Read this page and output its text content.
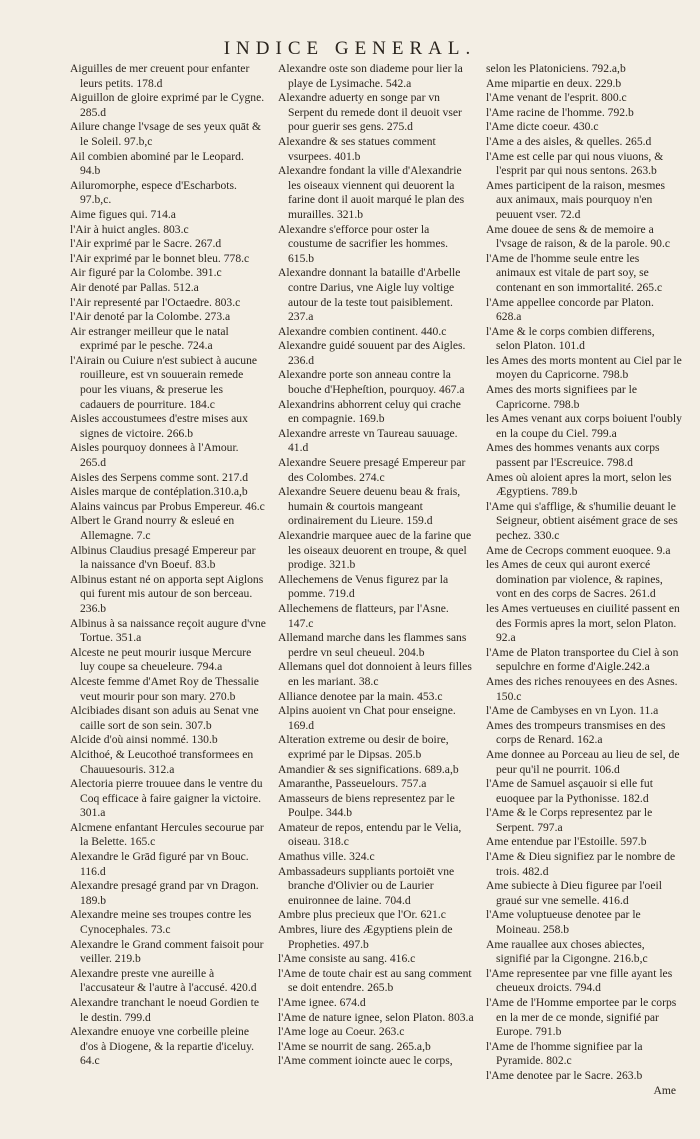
INDICE GENERAL.
Aiguilles de mer creuent pour enfanter leurs petits. 178.d
Aiguillon de gloire exprimé par le Cygne. 285.d
Ailure change l'vsage de ses yeux quāt & le Soleil. 97.b,c
Ail combien abominé par le Leopard. 94.b
Ailuromorphe, espece d'Escharbots. 97.b,c.
Aime figues qui. 714.a
l'Air à huict angles. 803.c
l'Air exprimé par le Sacre. 267.d
l'Air exprimé par le bonnet bleu. 778.c
Air figuré par la Colombe. 391.c
Air denoté par Pallas. 512.a
l'Air representé par l'Octaedre. 803.c
l'Air denoté par la Colombe. 273.a
Air estranger meilleur que le natal exprimé par le pesche. 724.a
l'Airain ou Cuiure n'est subiect à aucune rouilleure, est vn souuerain remede pour les viuans, & preserue les cadauers de pourriture. 184.c
Aisles accoustumees d'estre mises aux signes de victoire. 266.b
Aisles pourquoy donnees à l'Amour. 265.d
Aisles des Serpens comme sont. 217.d
Aisles marque de contéplation.310.a,b
Alains vaincus par Probus Empereur. 46.c
Albert le Grand nourry & esleué en Allemagne. 7.c
Albinus Claudius presagé Empereur par la naissance d'vn Boeuf. 83.b
Albinus estant né on apporta sept Aiglons qui furent mis autour de son berceau. 236.b
Albinus à sa naissance reçoit augure d'vne Tortue. 351.a
Alceste ne peut mourir iusque Mercure luy coupe sa cheueleure. 794.a
Alceste femme d'Amet Roy de Thessalie veut mourir pour son mary. 270.b
Alcibiades disant son aduis au Senat vne caille sort de son sein. 307.b
Alcide d'où ainsi nommé. 130.b
Alcithoé, & Leucothoé transformees en Chauuesouris. 312.a
Alectoria pierre trouuee dans le ventre du Coq efficace à faire gaigner la victoire. 301.a
Alcmene enfantant Hercules secourue par la Belette. 165.c
Alexandre le Grād figuré par vn Bouc. 116.d
Alexandre presagé grand par vn Dragon. 189.b
Alexandre meine ses troupes contre les Cynocephales. 73.c
Alexandre le Grand comment faisoit pour veiller. 219.b
Alexandre preste vne aureille à l'accusateur & l'autre à l'accusé. 420.d
Alexandre tranchant le noeud Gordien te le destin. 799.d
Alexandre enuoye vne corbeille pleine d'os à Diogene, & la repartie d'iceluy. 64.c
Alexandre oste son diademe pour lier la playe de Lysimache. 542.a
Alexandre aduerty en songe par vn Serpent du remede dont il deuoit vser pour guerir ses gens. 275.d
Alexandre & ses statues comment vsurpees. 401.b
Alexandre fondant la ville d'Alexandrie les oiseaux viennent qui deuorent la farine dont il auoit marqué le plan des murailles. 321.b
Alexandre s'efforce pour oster la coustume de sacrifier les hommes. 615.b
Alexandre donnant la bataille d'Arbelle contre Darius, vne Aigle luy voltige autour de la teste tout paisiblement. 237.a
Alexandre combien continent. 440.c
Alexandre guidé souuent par des Aigles. 236.d
Alexandre porte son anneau contre la bouche d'Hepheſtion, pourquoy. 467.a
Alexandrins abhorrent celuy qui crache en compagnie. 169.b
Alexandre arreste vn Taureau sauuage. 41.d
Alexandre Seuere presagé Empereur par des Colombes. 274.c
Alexandre Seuere deuenu beau & frais, humain & courtois mangeant ordinairement du Lieure. 159.d
Alexandrie marquee auec de la farine que les oiseaux deuorent en troupe, & quel prodige. 321.b
Allechemens de Venus figurez par la pomme. 719.d
Allechemens de flatteurs, par l'Asne. 147.c
Allemand marche dans les flammes sans perdre vn seul cheueul. 204.b
Allemans quel dot donnoient à leurs filles en les mariant. 38.c
Alliance denotee par la main. 453.c
Alpins auoient vn Chat pour enseigne. 169.d
Alteration extreme ou desir de boire, exprimé par le Dipsas. 205.b
Amandier & ses significations. 689.a,b
Amaranthe, Passeuelours. 757.a
Amasseurs de biens representez par le Poulpe. 344.b
Amateur de repos, entendu par le Velia, oiseau. 318.c
Amathus ville. 324.c
Ambassadeurs suppliants portoiēt vne branche d'Olivier ou de Laurier enuironnee de laine. 704.d
Ambre plus precieux que l'Or. 621.c
Ambres, liure des Ægyptiens plein de Propheties. 497.b
l'Ame consiste au sang. 416.c
l'Ame de toute chair est au sang comment se doit entendre. 265.b
l'Ame ignee. 674.d
l'Ame de nature ignee, selon Platon. 803.a
l'Ame loge au Coeur. 263.c
l'Ame se nourrit de sang. 265.a,b
l'Ame comment ioincte auec le corps,
selon les Platoniciens. 792.a,b
Ame mipartie en deux. 229.b
l'Ame venant de l'esprit. 800.c
l'Ame racine de l'homme. 792.b
l'Ame dicte coeur. 430.c
l'Ame a des aisles, & quelles. 265.d
l'Ame est celle par qui nous viuons, & l'esprit par qui nous sentons. 263.b
Ames participent de la raison, mesmes aux animaux, mais pourquoy n'en peuuent vser. 72.d
Ame douee de sens & de memoire a l'vsage de raison, & de la parole. 90.c
l'Ame de l'homme seule entre les animaux est vitale de part soy, se contenant en son immortalité. 265.c
l'Ame appellee concorde par Platon. 628.a
l'Ame & le corps combien differens, selon Platon. 101.d
les Ames des morts montent au Ciel par le moyen du Capricorne. 798.b
Ames des morts signifiees par le Capricorne. 798.b
les Ames venant aux corps boiuent l'oubly en la coupe du Ciel. 799.a
Ames des hommes venants aux corps passent par l'Escreuice. 798.d
Ames où aloient apres la mort, selon les Ægyptiens. 789.b
l'Ame qui s'afflige, & s'humilie deuant le Seigneur, obtient aisément grace de ses pechez. 330.c
Ame de Cecrops comment euoquee. 9.a
les Ames de ceux qui auront exercé domination par violence, & rapines, vont en des corps de Sacres. 261.d
les Ames vertueuses en ciuilité passent en des Formis apres la mort, selon Platon. 92.a
l'Ame de Platon transportee du Ciel à son sepulchre en forme d'Aigle.242.a
Ames des riches renouyees en des Asnes. 150.c
l'Ame de Cambyses en vn Lyon. 11.a
Ames des trompeurs transmises en des corps de Renard. 162.a
Ame donnee au Porceau au lieu de sel, de peur qu'il ne pourrit. 106.d
l'Ame de Samuel asçauoir si elle fut euoquee par la Pythonisse. 182.d
l'Ame & le Corps representez par le Serpent. 797.a
Ame entendue par l'Estoille. 597.b
l'Ame & Dieu signifiez par le nombre de trois. 482.d
Ame subiecte à Dieu figuree par l'oeil graué sur vne semelle. 416.d
l'Ame voluptueuse denotee par le Moineau. 258.b
Ame rauallee aux choses abiectes, signifié par la Cigongne. 216.b,c
l'Ame representee par vne fille ayant les cheueux droicts. 794.d
l'Ame de l'Homme emportee par le corps en la mer de ce monde, signifié par Europe. 791.b
l'Ame de l'homme signifiee par la Pyramide. 802.c
l'Ame denotee par le Sacre. 263.b
Ame
